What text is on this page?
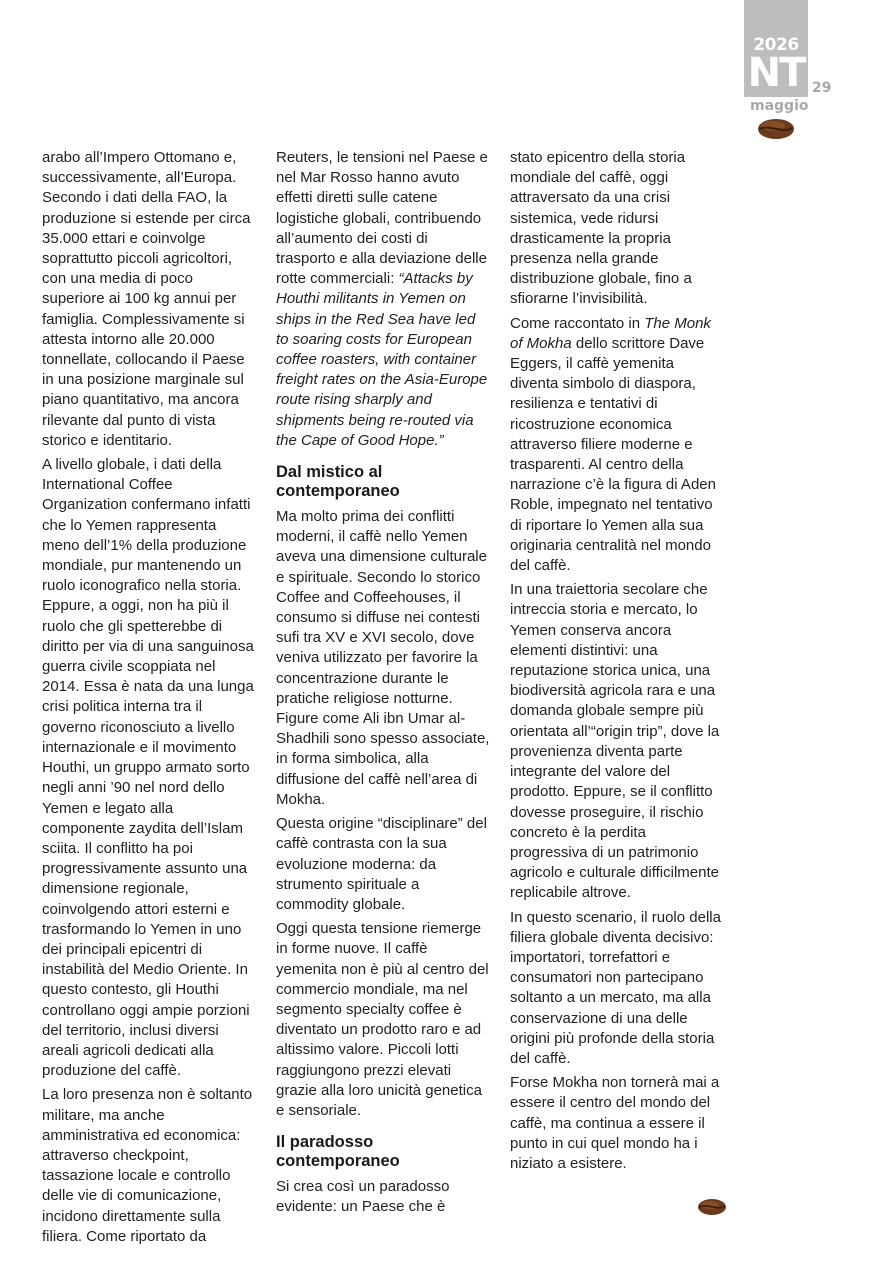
2026
NT
maggio
29

arabo all’Impero Ottomano e, successivamente, all’Europa. Secondo i dati della FAO, la produzione si estende per circa 35.000 ettari e coinvolge soprattutto piccoli agricoltori, con una media di poco superiore ai 100 kg annui per famiglia. Complessivamente si attesta intorno alle 20.000 tonnellate, collocando il Paese in una posizione marginale sul piano quantitativo, ma ancora rilevante dal punto di vista storico e identitario.

A livello globale, i dati della International Coffee Organization confermano infatti che lo Yemen rappresenta meno dell’1% della produzione mondiale, pur mantenendo un ruolo iconografico nella storia. Eppure, a oggi, non ha più il ruolo che gli spetterebbe di diritto per via di una sanguinosa guerra civile scoppiata nel 2014. Essa è nata da una lunga crisi politica interna tra il governo riconosciuto a livello internazionale e il movimento Houthi, un gruppo armato sorto negli anni ’90 nel nord dello Yemen e legato alla componente zaydita dell’Islam sciita. Il conflitto ha poi progressivamente assunto una dimensione regionale, coinvolgendo attori esterni e trasformando lo Yemen in uno dei principali epicentri di instabilità del Medio Oriente. In questo contesto, gli Houthi controllano oggi ampie porzioni del territorio, inclusi diversi areali agricoli dedicati alla produzione del caffè.

La loro presenza non è soltanto militare, ma anche amministrativa ed economica: attraverso checkpoint, tassazione locale e controllo delle vie di comunicazione, incidono direttamente sulla filiera. Come riportato da

Reuters, le tensioni nel Paese e nel Mar Rosso hanno avuto effetti diretti sulle catene logistiche globali, contribuendo all’aumento dei costi di trasporto e alla deviazione delle rotte commerciali: “Attacks by Houthi militants in Yemen on ships in the Red Sea have led to soaring costs for European coffee roasters, with container freight rates on the Asia-Europe route rising sharply and shipments being re-routed via the Cape of Good Hope.”

Dal mistico al contemporaneo

Ma molto prima dei conflitti moderni, il caffè nello Yemen aveva una dimensione culturale e spirituale. Secondo lo storico Coffee and Coffeehouses, il consumo si diffuse nei contesti sufi tra XV e XVI secolo, dove veniva utilizzato per favorire la concentrazione durante le pratiche religiose notturne. Figure come Ali ibn Umar al-Shadhili sono spesso associate, in forma simbolica, alla diffusione del caffè nell’area di Mokha.

Questa origine “disciplinare” del caffè contrasta con la sua evoluzione moderna: da strumento spirituale a commodity globale.

Oggi questa tensione riemerge in forme nuove. Il caffè yemenita non è più al centro del commercio mondiale, ma nel segmento specialty coffee è diventato un prodotto raro e ad altissimo valore. Piccoli lotti raggiungono prezzi elevati grazie alla loro unicità genetica e sensoriale.

Il paradosso contemporaneo

Si crea così un paradosso evidente: un Paese che è

stato epicentro della storia mondiale del caffè, oggi attraversato da una crisi sistemica, vede ridursi drasticamente la propria presenza nella grande distribuzione globale, fino a sfiorarne l’invisibilità.

Come raccontato in The Monk of Mokha dello scrittore Dave Eggers, il caffè yemenita diventa simbolo di diaspora, resilienza e tentativi di ricostruzione economica attraverso filiere moderne e trasparenti. Al centro della narrazione c’è la figura di Aden Roble, impegnato nel tentativo di riportare lo Yemen alla sua originaria centralità nel mondo del caffè.

In una traiettoria secolare che intreccia storia e mercato, lo Yemen conserva ancora elementi distintivi: una reputazione storica unica, una biodiversità agricola rara e una domanda globale sempre più orientata all’“origin trip”, dove la provenienza diventa parte integrante del valore del prodotto. Eppure, se il conflitto dovesse proseguire, il rischio concreto è la perdita progressiva di un patrimonio agricolo e culturale difficilmente replicabile altrove.

In questo scenario, il ruolo della filiera globale diventa decisivo: importatori, torrefattori e consumatori non partecipano soltanto a un mercato, ma alla conservazione di una delle origini più profonde della storia del caffè.

Forse Mokha non tornerà mai a essere il centro del mondo del caffè, ma continua a essere il punto in cui quel mondo ha i niziato a esistere.
